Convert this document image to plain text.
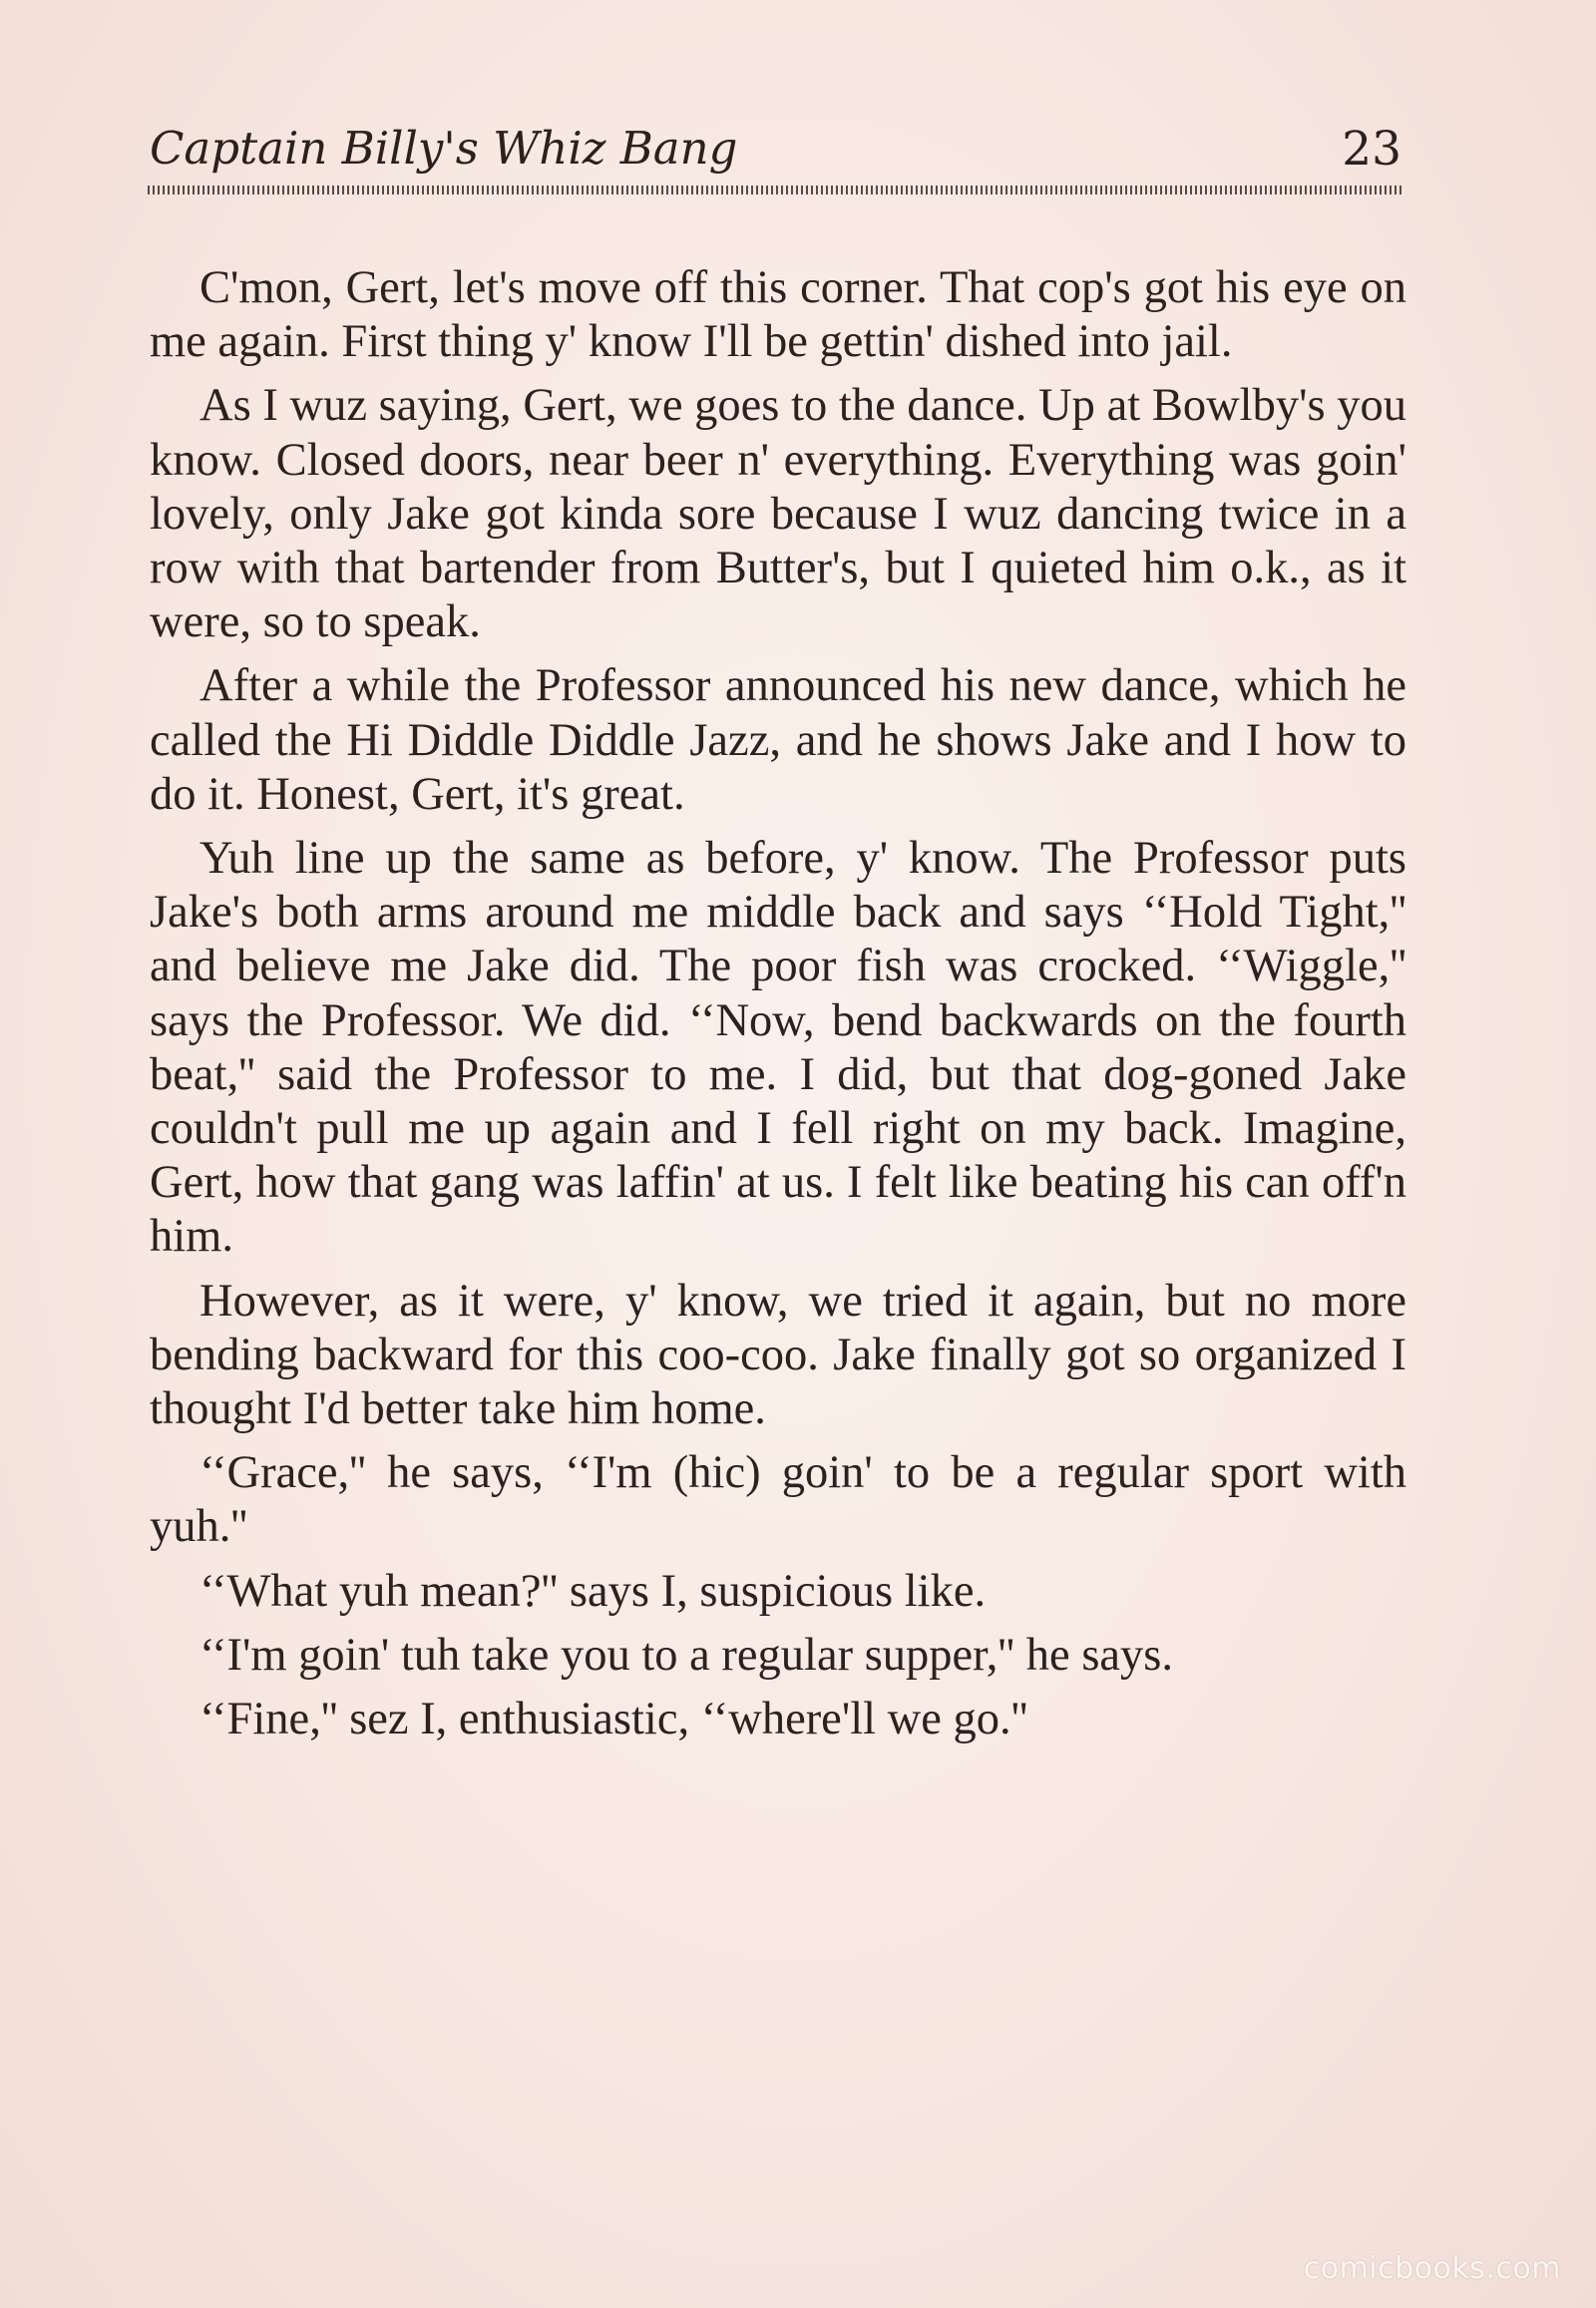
Captain Billy's Whiz Bang	23

C'mon, Gert, let's move off this corner. That cop's got his eye on me again. First thing y' know I'll be gettin' dished into jail.

As I wuz saying, Gert, we goes to the dance. Up at Bowlby's you know. Closed doors, near beer n' everything. Everything was goin' lovely, only Jake got kinda sore because I wuz dancing twice in a row with that bartender from Butter's, but I quieted him o.k., as it were, so to speak.

After a while the Professor announced his new dance, which he called the Hi Diddle Diddle Jazz, and he shows Jake and I how to do it. Honest, Gert, it's great.

Yuh line up the same as before, y' know. The Professor puts Jake's both arms around me middle back and says ‘‘Hold Tight,'' and believe me Jake did. The poor fish was crocked. ‘‘Wiggle,'' says the Professor. We did. ‘‘Now, bend backwards on the fourth beat,'' said the Professor to me. I did, but that dog-goned Jake couldn't pull me up again and I fell right on my back. Imagine, Gert, how that gang was laffin' at us. I felt like beating his can off'n him.

However, as it were, y' know, we tried it again, but no more bending backward for this coo-coo. Jake finally got so organized I thought I'd better take him home.

‘‘Grace,'' he says, ‘‘I'm (hic) goin' to be a regular sport with yuh.''

‘‘What yuh mean?'' says I, suspicious like.

‘‘I'm goin' tuh take you to a regular supper,'' he says.

‘‘Fine,'' sez I, enthusiastic, ‘‘where'll we go.''

comicbooks.com
